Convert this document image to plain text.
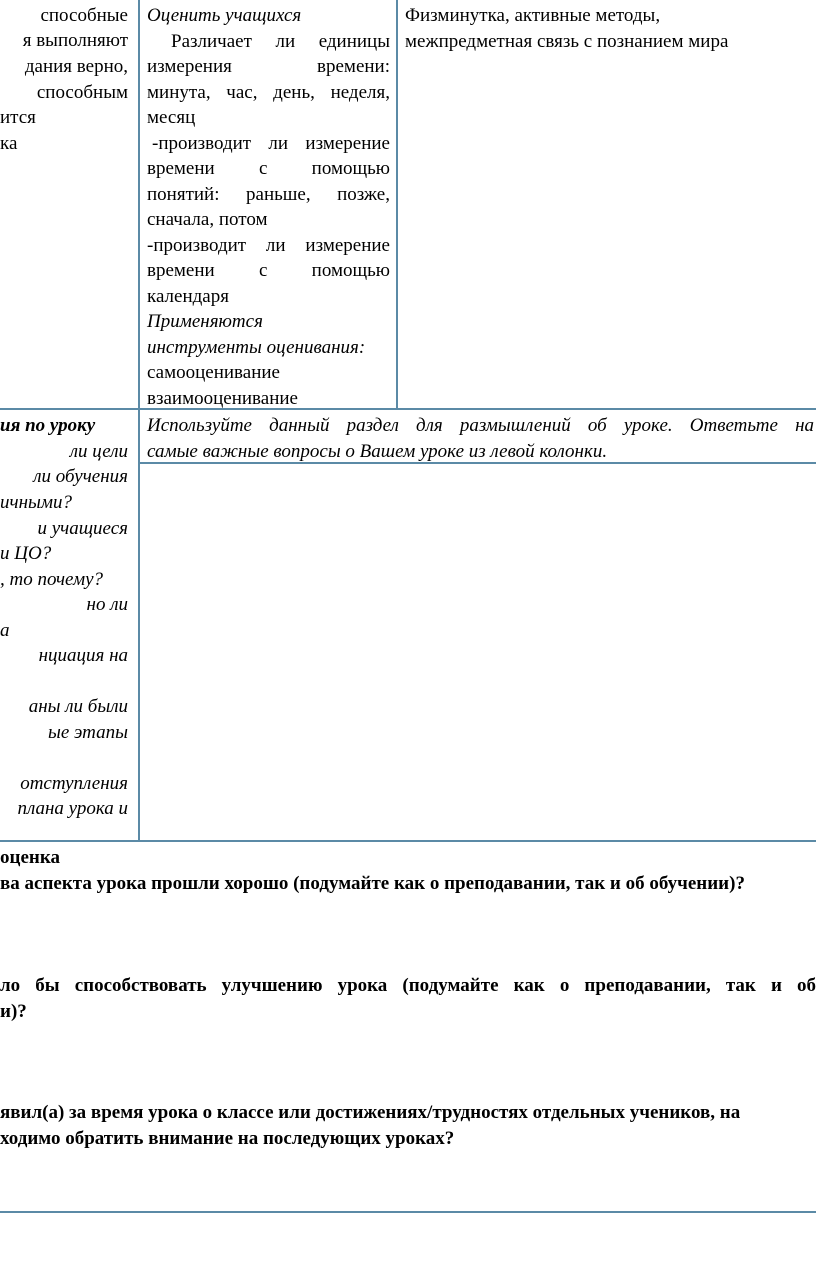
способные
я выполняют
дания верно,
способным
ится
ка
Оценить учащихся
Различает ли единицы
измерения времени:
минута, час, день, неделя,
месяц
-производит ли измерение
времени с помощью
понятий: раньше, позже,
сначала, потом
-производит ли измерение
времени с помощью
календаря
Применяются
инструменты оценивания:
самооценивание
взаимооценивание
Физминутка, активные методы,
межпредметная связь с познанием мира
ия по уроку
ли цели
ли обучения
ичными?
и учащиеся
и ЦО?
, то почему?
но ли
а
нциация на
аны ли были
ые этапы
отступления
плана урока и
Используйте данный раздел для размышлений об уроке. Ответьте на
самые важные вопросы о Вашем уроке из левой колонки.
оценка
ва аспекта урока прошли хорошо (подумайте как о преподавании, так и об обучении)?
ло бы способствовать улучшению урока (подумайте как о преподавании, так и об
и)?
явил(а) за время урока о классе или достижениях/трудностях отдельных учеников, на
ходимо обратить внимание на последующих уроках?
